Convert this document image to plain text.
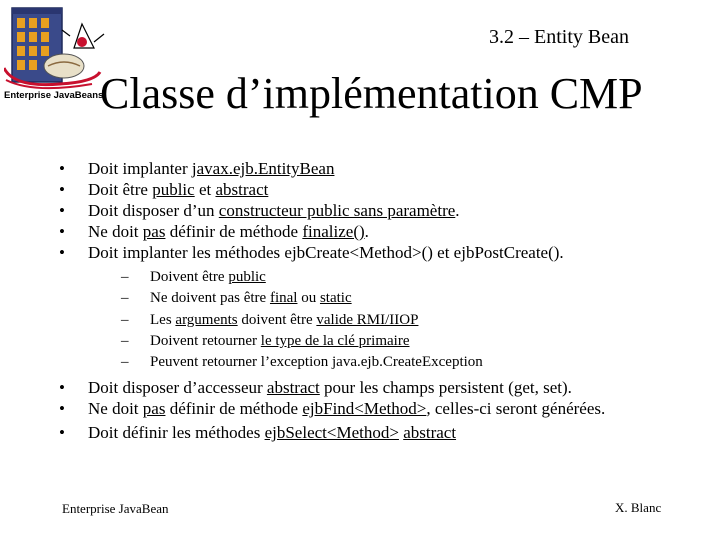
Enterprise JavaBeans
3.2 – Entity Bean
Classe d’implémentation CMP
• Doit implanter javax.ejb.EntityBean
• Doit être public et abstract
• Doit disposer d’un constructeur public sans paramètre.
• Ne doit pas définir de méthode finalize().
• Doit implanter les méthodes ejbCreate<Method>() et ejbPostCreate().
– Doivent être public
– Ne doivent pas être final ou static
– Les arguments doivent être valide RMI/IIOP
– Doivent retourner le type de la clé primaire
– Peuvent retourner l’exception java.ejb.CreateException
• Doit disposer d’accesseur abstract pour les champs persistent (get, set).
• Ne doit pas définir de méthode ejbFind<Method>, celles-ci seront générées.
• Doit définir les méthodes ejbSelect<Method> abstract
Enterprise JavaBean	X. Blanc
